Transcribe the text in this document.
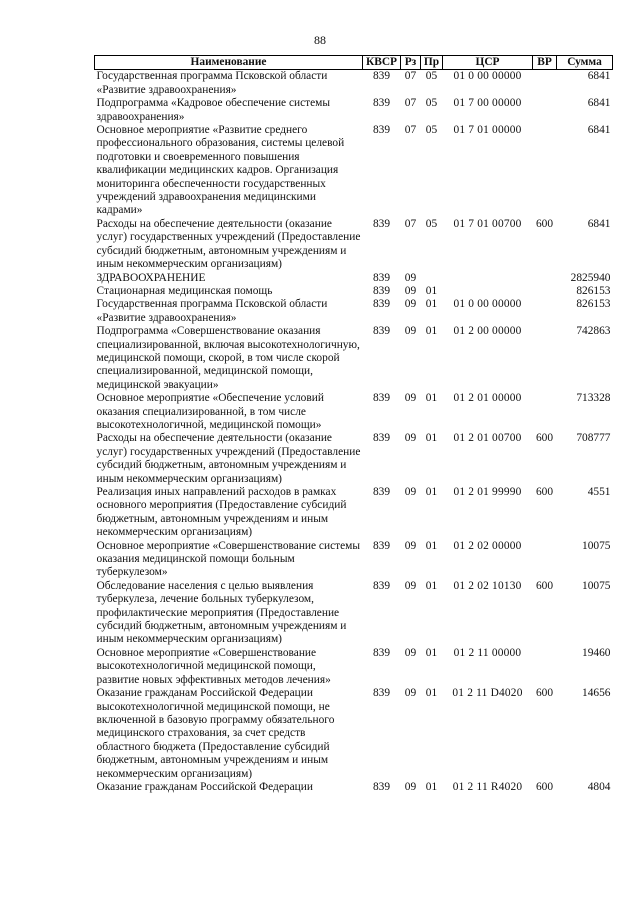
88
Наименование	КВСР	Рз	Пр	ЦСР	ВР	Сумма
Государственная программа Псковской области «Развитие здравоохранения»	839	07	05	01 0 00 00000		6841
Подпрограмма «Кадровое обеспечение системы здравоохранения»	839	07	05	01 7 00 00000		6841
Основное мероприятие «Развитие среднего профессионального образования, системы целевой подготовки и своевременного повышения квалификации медицинских кадров. Организация мониторинга обеспеченности государственных учреждений здравоохранения медицинскими кадрами»	839	07	05	01 7 01 00000		6841
Расходы на обеспечение деятельности (оказание услуг) государственных учреждений (Предоставление субсидий бюджетным, автономным учреждениям и иным некоммерческим организациям)	839	07	05	01 7 01 00700	600	6841
ЗДРАВООХРАНЕНИЕ	839	09				2825940
Стационарная медицинская помощь	839	09	01			826153
Государственная программа Псковской области «Развитие здравоохранения»	839	09	01	01 0 00 00000		826153
Подпрограмма «Совершенствование оказания специализированной, включая высокотехнологичную, медицинской помощи, скорой, в том числе скорой специализированной, медицинской помощи, медицинской эвакуации»	839	09	01	01 2 00 00000		742863
Основное мероприятие «Обеспечение условий оказания специализированной, в том числе высокотехнологичной, медицинской помощи»	839	09	01	01 2 01 00000		713328
Расходы на обеспечение деятельности (оказание услуг) государственных учреждений (Предоставление субсидий бюджетным, автономным учреждениям и иным некоммерческим организациям)	839	09	01	01 2 01 00700	600	708777
Реализация иных направлений расходов в рамках основного мероприятия (Предоставление субсидий бюджетным, автономным учреждениям и иным некоммерческим организациям)	839	09	01	01 2 01 99990	600	4551
Основное мероприятие «Совершенствование системы оказания медицинской помощи больным туберкулезом»	839	09	01	01 2 02 00000		10075
Обследование населения с целью выявления туберкулеза, лечение больных туберкулезом, профилактические мероприятия (Предоставление субсидий бюджетным, автономным учреждениям и иным некоммерческим организациям)	839	09	01	01 2 02 10130	600	10075
Основное мероприятие «Совершенствование высокотехнологичной медицинской помощи, развитие новых эффективных методов лечения»	839	09	01	01 2 11 00000		19460
Оказание гражданам Российской Федерации высокотехнологичной медицинской помощи, не включенной в базовую программу обязательного медицинского страхования, за счет средств областного бюджета (Предоставление субсидий бюджетным, автономным учреждениям и иным некоммерческим организациям)	839	09	01	01 2 11 D4020	600	14656
Оказание гражданам Российской Федерации	839	09	01	01 2 11 R4020	600	4804
